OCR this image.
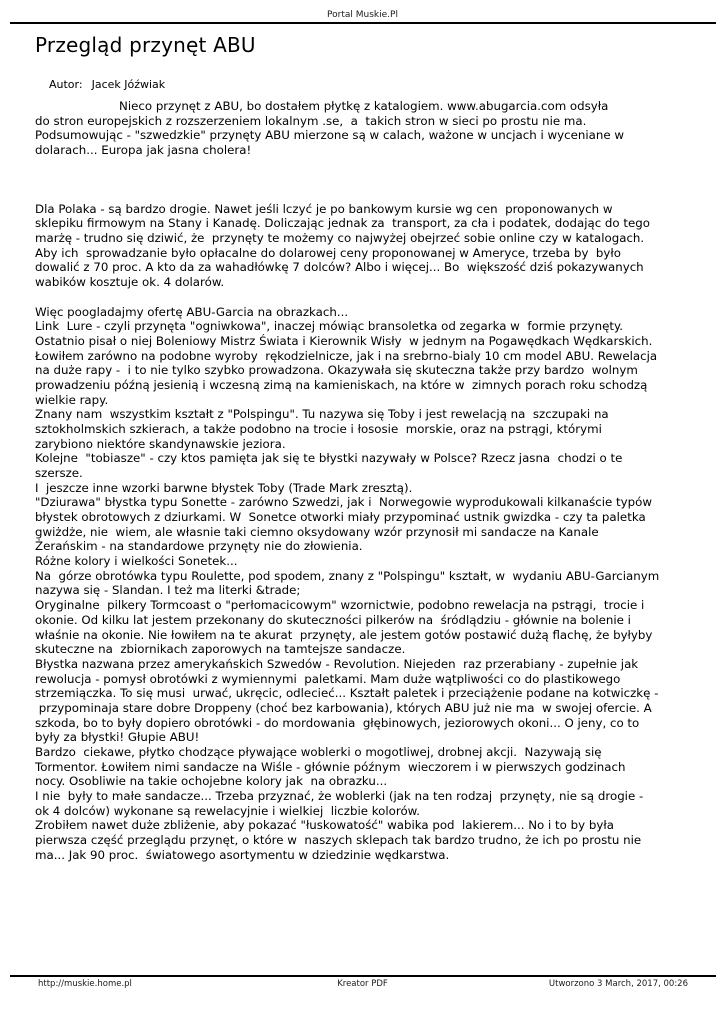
Portal Muskie.Pl
Przegląd przynęt ABU

Autor: Jacek Jóźwiak

Nieco przynęt z ABU, bo dostałem płytkę z katalogiem. www.abugarcia.com odsyła
do stron europejskich z rozszerzeniem lokalnym .se,  a  takich stron w sieci po prostu nie ma.
Podsumowując - "szwedzkie" przynęty ABU mierzone są w calach, ważone w uncjach i wyceniane w
dolarach... Europa jak jasna cholera!
Dla Polaka - są bardzo drogie. Nawet jeśli lczyć je po bankowym kursie wg cen  proponowanych w
sklepiku firmowym na Stany i Kanadę. Doliczając jednak za  transport, za cła i podatek, dodając do tego
marżę - trudno się dziwić, że  przynęty te możemy co najwyżej obejrzeć sobie online czy w katalogach.
Aby ich  sprowadzanie było opłacalne do dolarowej ceny proponowanej w Ameryce, trzeba by  było
dowalić z 70 proc. A kto da za wahadłówkę 7 dolców? Albo i więcej... Bo  większość dziś pokazywanych
wabików kosztuje ok. 4 dolarów.
Więc poogladajmy ofertę ABU-Garcia na obrazkach...
Link  Lure - czyli przynęta "ogniwkowa", inaczej mówiąc bransoletka od zegarka w  formie przynęty.
Ostatnio pisał o niej Boleniowy Mistrz Świata i Kierownik Wisły  w jednym na Pogawędkach Wędkarskich.
Łowiłem zarówno na podobne wyroby  rękodzielnicze, jak i na srebrno-bialy 10 cm model ABU. Rewelacja
na duże rapy -  i to nie tylko szybko prowadzona. Okazywała się skuteczna także przy bardzo  wolnym
prowadzeniu późną jesienią i wczesną zimą na kamieniskach, na które w  zimnych porach roku schodzą
wielkie rapy.
Znany nam  wszystkim kształt z "Polspingu". Tu nazywa się Toby i jest rewelacją na  szczupaki na
sztokholmskich szkierach, a także podobno na trocie i łososie  morskie, oraz na pstrągi, którymi
zarybiono niektóre skandynawskie jeziora.
Kolejne  "tobiasze" - czy ktos pamięta jak się te błystki nazywały w Polsce? Rzecz jasna  chodzi o te
szersze.
I  jeszcze inne wzorki barwne błystek Toby (Trade Mark zresztą).
"Dziurawa" błystka typu Sonette - zarówno Szwedzi, jak i  Norwegowie wyprodukowali kilkanaście typów
błystek obrotowych z dziurkami. W  Sonetce otworki miały przypominać ustnik gwizdka - czy ta paletka
gwiżdże, nie  wiem, ale własnie taki ciemno oksydowany wzór przynosił mi sandacze na Kanale
Żerańskim - na standardowe przynęty nie do złowienia.
Różne kolory i wielkości Sonetek...
Na  górze obrotówka typu Roulette, pod spodem, znany z "Polspingu" kształt, w  wydaniu ABU-Garcianym
nazywa się - Slandan. I też ma literki &trade;
Oryginalne  pilkery Tormcoast o "perłomacicowym" wzornictwie, podobno rewelacja na pstrągi,  trocie i
okonie. Od kilku lat jestem przekonany do skuteczności pilkerów na  śródlądziu - głównie na bolenie i
właśnie na okonie. Nie łowiłem na te akurat  przynęty, ale jestem gotów postawić dużą flachę, że byłyby
skuteczne na  zbiornikach zaporowych na tamtejsze sandacze.
Błystka nazwana przez amerykańskich Szwedów - Revolution. Niejeden  raz przerabiany - zupełnie jak
rewolucja - pomysł obrotówki z wymiennymi  paletkami. Mam duże wątpliwości co do plastikowego
strzemiączka. To się musi  urwać, ukręcic, odlecieć... Kształt paletek i przeciążenie podane na kotwiczkę -
przypominaja stare dobre Droppeny (choć bez karbowania), których ABU już nie ma  w swojej ofercie. A
szkoda, bo to były dopiero obrotówki - do mordowania  głębinowych, jeziorowych okoni... O jeny, co to
były za błystki! Głupie ABU!
Bardzo  ciekawe, płytko chodzące pływające woblerki o mogotliwej, drobnej akcji.  Nazywają się
Tormentor. Łowiłem nimi sandacze na Wiśle - głównie późnym  wieczorem i w pierwszych godzinach
nocy. Osobliwie na takie ochojebne kolory jak  na obrazku...
I nie  były to małe sandacze... Trzeba przyznać, że woblerki (jak na ten rodzaj  przynęty, nie są drogie -
ok 4 dolców) wykonane są rewelacyjnie i wielkiej  liczbie kolorów.
Zrobiłem nawet duże zbliżenie, aby pokazać "łuskowatość" wabika pod  lakierem... No i to by była
pierwsza część przeglądu przynęt, o które w  naszych sklepach tak bardzo trudno, że ich po prostu nie
ma... Jak 90 proc.  światowego asortymentu w dziedzinie wędkarstwa.
http://muskie.home.pl	Kreator PDF	Utworzono 3 March, 2017, 00:26
